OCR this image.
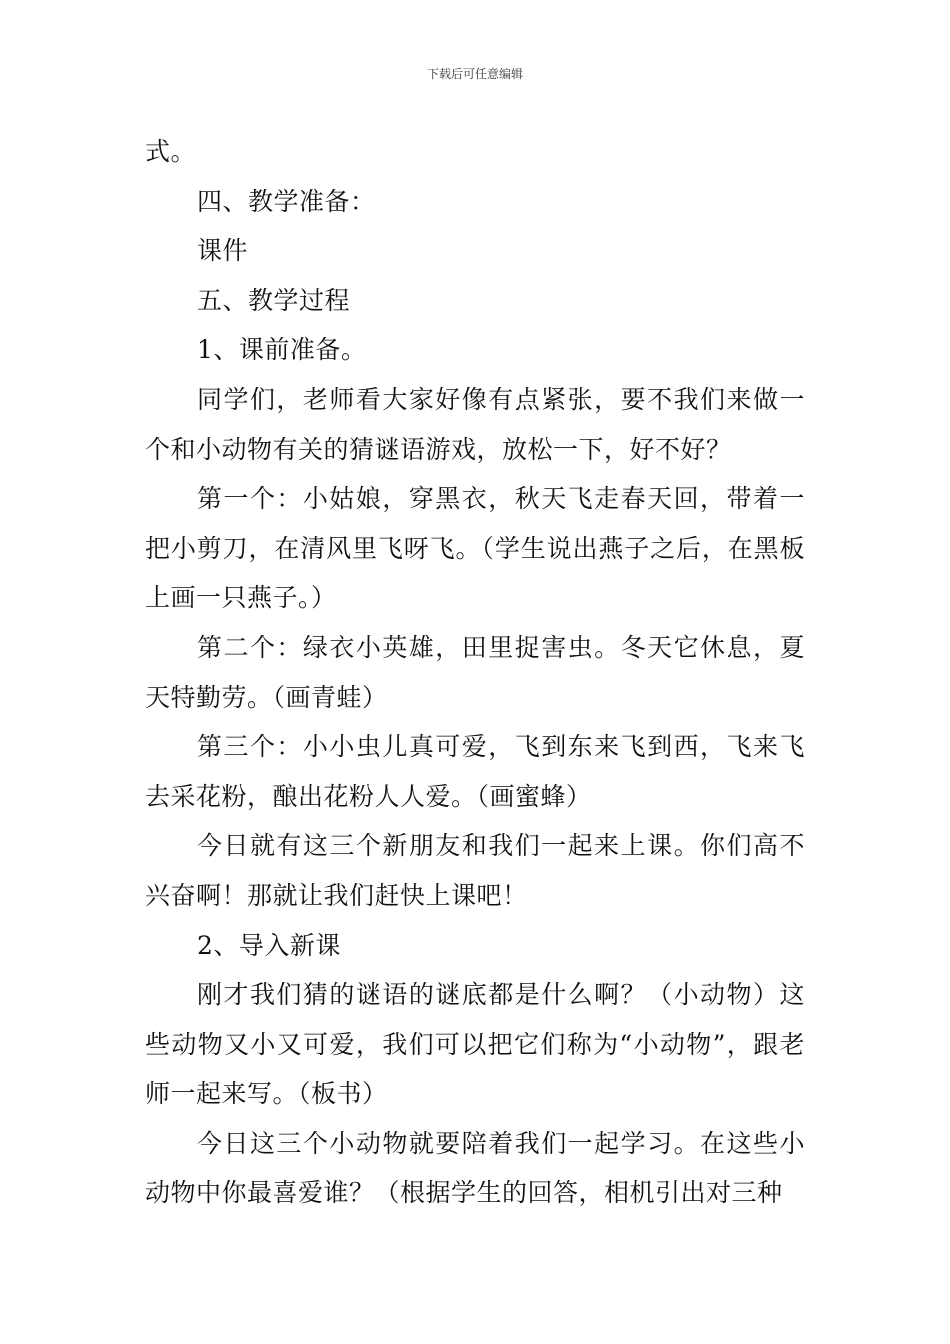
下载后可任意编辑

式。

四、教学准备：

课件

五、教学过程

1、课前准备。

同学们，老师看大家好像有点紧张，要不我们来做一个和小动物有关的猜谜语游戏，放松一下，好不好？

第一个：小姑娘，穿黑衣，秋天飞走春天回，带着一把小剪刀，在清风里飞呀飞。（学生说出燕子之后，在黑板上画一只燕子。）

第二个：绿衣小英雄，田里捉害虫。冬天它休息，夏天特勤劳。（画青蛙）

第三个：小小虫儿真可爱，飞到东来飞到西，飞来飞去采花粉，酿出花粉人人爱。（画蜜蜂）

今日就有这三个新朋友和我们一起来上课。你们高不兴奋啊！那就让我们赶快上课吧！

2、导入新课

刚才我们猜的谜语的谜底都是什么啊？（小动物）这些动物又小又可爱，我们可以把它们称为“小动物”，跟老师一起来写。（板书）

今日这三个小动物就要陪着我们一起学习。在这些小动物中你最喜爱谁？（根据学生的回答，相机引出对三种
